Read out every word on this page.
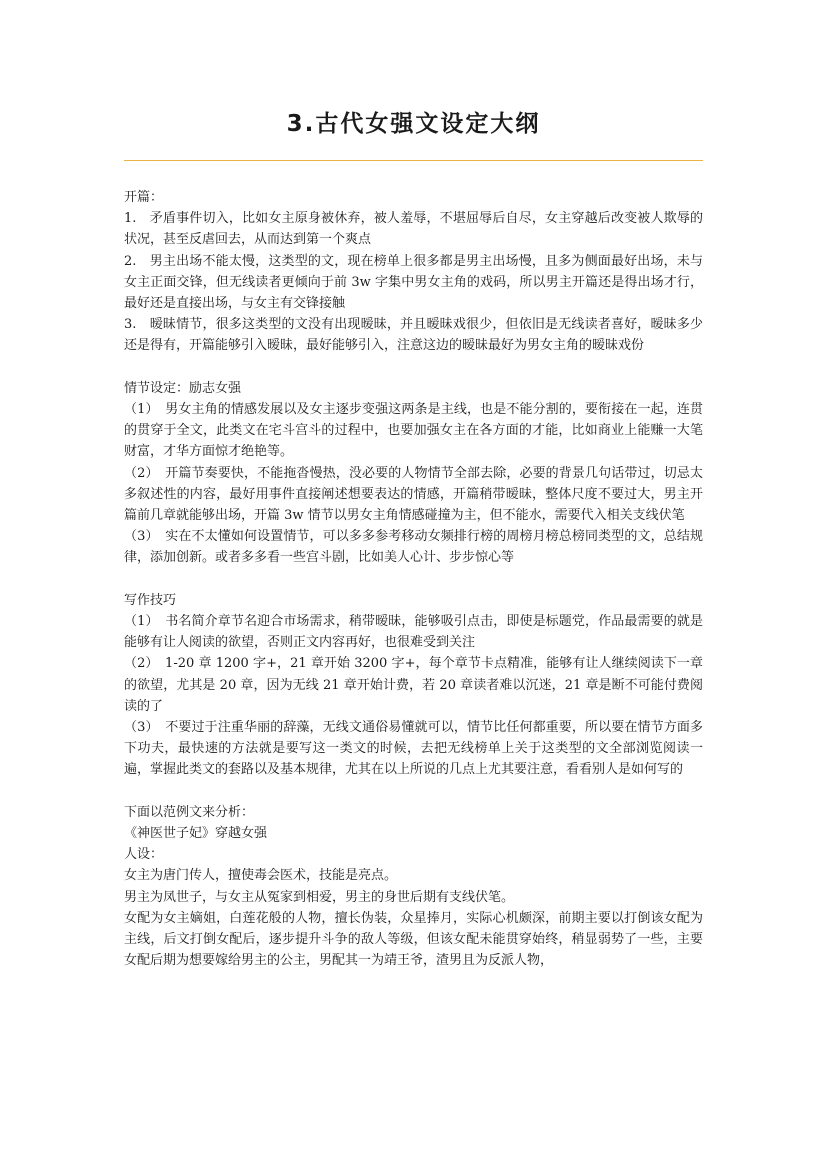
3.古代女强文设定大纲

开篇：

1.　矛盾事件切入，比如女主原身被休弃，被人羞辱，不堪屈辱后自尽，女主穿越后改变被人欺辱的状况，甚至反虐回去，从而达到第一个爽点

2.　男主出场不能太慢，这类型的文，现在榜单上很多都是男主出场慢，且多为侧面最好出场，未与女主正面交锋，但无线读者更倾向于前 3w 字集中男女主角的戏码，所以男主开篇还是得出场才行，最好还是直接出场，与女主有交锋接触

3.　暧昧情节，很多这类型的文没有出现暧昧，并且暧昧戏很少，但依旧是无线读者喜好，暧昧多少还是得有，开篇能够引入暧昧，最好能够引入，注意这边的暧昧最好为男女主角的暧昧戏份

情节设定：励志女强

（1）　男女主角的情感发展以及女主逐步变强这两条是主线，也是不能分割的，要衔接在一起，连贯的贯穿于全文，此类文在宅斗宫斗的过程中，也要加强女主在各方面的才能，比如商业上能赚一大笔财富，才华方面惊才绝艳等。

（2）　开篇节奏要快，不能拖沓慢热，没必要的人物情节全部去除，必要的背景几句话带过，切忌太多叙述性的内容，最好用事件直接阐述想要表达的情感，开篇稍带暧昧，整体尺度不要过大，男主开篇前几章就能够出场，开篇 3w 情节以男女主角情感碰撞为主，但不能水，需要代入相关支线伏笔

（3）　实在不太懂如何设置情节，可以多多参考移动女频排行榜的周榜月榜总榜同类型的文，总结规律，添加创新。或者多多看一些宫斗剧，比如美人心计、步步惊心等

写作技巧

（1）　书名简介章节名迎合市场需求，稍带暧昧，能够吸引点击，即使是标题党，作品最需要的就是能够有让人阅读的欲望，否则正文内容再好，也很难受到关注

（2）　1-20 章 1200 字+，21 章开始 3200 字+，每个章节卡点精准，能够有让人继续阅读下一章的欲望，尤其是 20 章，因为无线 21 章开始计费，若 20 章读者难以沉迷，21 章是断不可能付费阅读的了

（3）　不要过于注重华丽的辞藻，无线文通俗易懂就可以，情节比任何都重要，所以要在情节方面多下功夫，最快速的方法就是要写这一类文的时候，去把无线榜单上关于这类型的文全部浏览阅读一遍，掌握此类文的套路以及基本规律，尤其在以上所说的几点上尤其要注意，看看别人是如何写的

下面以范例文来分析：

《神医世子妃》穿越女强

人设：

女主为唐门传人，擅使毒会医术，技能是亮点。

男主为凤世子，与女主从冤家到相爱，男主的身世后期有支线伏笔。

女配为女主嫡姐，白莲花般的人物，擅长伪装，众星捧月，实际心机颇深，前期主要以打倒该女配为主线，后文打倒女配后，逐步提升斗争的敌人等级，但该女配未能贯穿始终，稍显弱势了一些，主要女配后期为想要嫁给男主的公主，男配其一为靖王爷，渣男且为反派人物，
